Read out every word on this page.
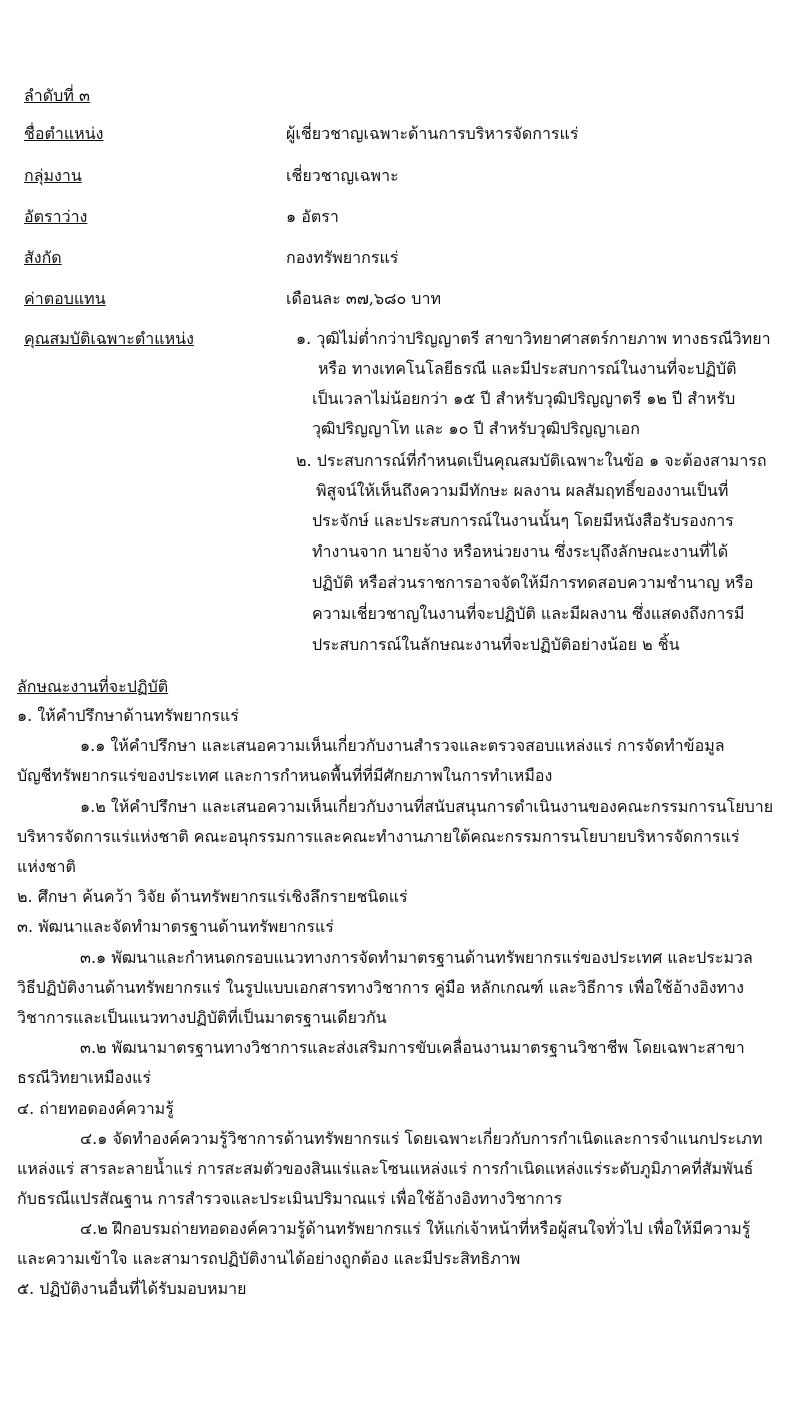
ลำดับที่ ๓
ชื่อตำแหน่ง	ผู้เชี่ยวชาญเฉพาะด้านการบริหารจัดการแร่
กลุ่มงาน	เชี่ยวชาญเฉพาะ
อัตราว่าง	๑ อัตรา
สังกัด	กองทรัพยากรแร่
ค่าตอบแทน	เดือนละ ๓๗,๖๘๐ บาท
คุณสมบัติเฉพาะตำแหน่ง	๑. วุฒิไม่ต่ำกว่าปริญญาตรี สาขาวิทยาศาสตร์กายภาพ ทางธรณีวิทยา
หรือ ทางเทคโนโลยีธรณี และมีประสบการณ์ในงานที่จะปฏิบัติ
เป็นเวลาไม่น้อยกว่า ๑๕ ปี สำหรับวุฒิปริญญาตรี ๑๒ ปี สำหรับ
วุฒิปริญญาโท และ ๑๐ ปี สำหรับวุฒิปริญญาเอก
๒. ประสบการณ์ที่กำหนดเป็นคุณสมบัติเฉพาะในข้อ ๑ จะต้องสามารถ
พิสูจน์ให้เห็นถึงความมีทักษะ ผลงาน ผลสัมฤทธิ์ของงานเป็นที่
ประจักษ์ และประสบการณ์ในงานนั้นๆ โดยมีหนังสือรับรองการ
ทำงานจาก นายจ้าง หรือหน่วยงาน ซึ่งระบุถึงลักษณะงานที่ได้
ปฏิบัติ หรือส่วนราชการอาจจัดให้มีการทดสอบความชำนาญ หรือ
ความเชี่ยวชาญในงานที่จะปฏิบัติ และมีผลงาน ซึ่งแสดงถึงการมี
ประสบการณ์ในลักษณะงานที่จะปฏิบัติอย่างน้อย ๒ ชิ้น
ลักษณะงานที่จะปฏิบัติ
๑. ให้คำปรึกษาด้านทรัพยากรแร่
๑.๑ ให้คำปรึกษา และเสนอความเห็นเกี่ยวกับงานสำรวจและตรวจสอบแหล่งแร่ การจัดทำข้อมูล
บัญชีทรัพยากรแร่ของประเทศ และการกำหนดพื้นที่ที่มีศักยภาพในการทำเหมือง
๑.๒ ให้คำปรึกษา และเสนอความเห็นเกี่ยวกับงานที่สนับสนุนการดำเนินงานของคณะกรรมการนโยบาย
บริหารจัดการแร่แห่งชาติ คณะอนุกรรมการและคณะทำงานภายใต้คณะกรรมการนโยบายบริหารจัดการแร่
แห่งชาติ
๒. ศึกษา ค้นคว้า วิจัย ด้านทรัพยากรแร่เชิงลึกรายชนิดแร่
๓. พัฒนาและจัดทำมาตรฐานด้านทรัพยากรแร่
๓.๑ พัฒนาและกำหนดกรอบแนวทางการจัดทำมาตรฐานด้านทรัพยากรแร่ของประเทศ และประมวล
วิธีปฏิบัติงานด้านทรัพยากรแร่ ในรูปแบบเอกสารทางวิชาการ คู่มือ หลักเกณฑ์ และวิธีการ เพื่อใช้อ้างอิงทาง
วิชาการและเป็นแนวทางปฏิบัติที่เป็นมาตรฐานเดียวกัน
๓.๒ พัฒนามาตรฐานทางวิชาการและส่งเสริมการขับเคลื่อนงานมาตรฐานวิชาชีพ โดยเฉพาะสาขา
ธรณีวิทยาเหมืองแร่
๔. ถ่ายทอดองค์ความรู้
๔.๑ จัดทำองค์ความรู้วิชาการด้านทรัพยากรแร่ โดยเฉพาะเกี่ยวกับการกำเนิดและการจำแนกประเภท
แหล่งแร่ สารละลายน้ำแร่ การสะสมตัวของสินแร่และโซนแหล่งแร่ การกำเนิดแหล่งแร่ระดับภูมิภาคที่สัมพันธ์
กับธรณีแปรสัณฐาน การสำรวจและประเมินปริมาณแร่ เพื่อใช้อ้างอิงทางวิชาการ
๔.๒ ฝึกอบรมถ่ายทอดองค์ความรู้ด้านทรัพยากรแร่ ให้แก่เจ้าหน้าที่หรือผู้สนใจทั่วไป เพื่อให้มีความรู้
และความเข้าใจ และสามารถปฏิบัติงานได้อย่างถูกต้อง และมีประสิทธิภาพ
๕. ปฏิบัติงานอื่นที่ได้รับมอบหมาย
